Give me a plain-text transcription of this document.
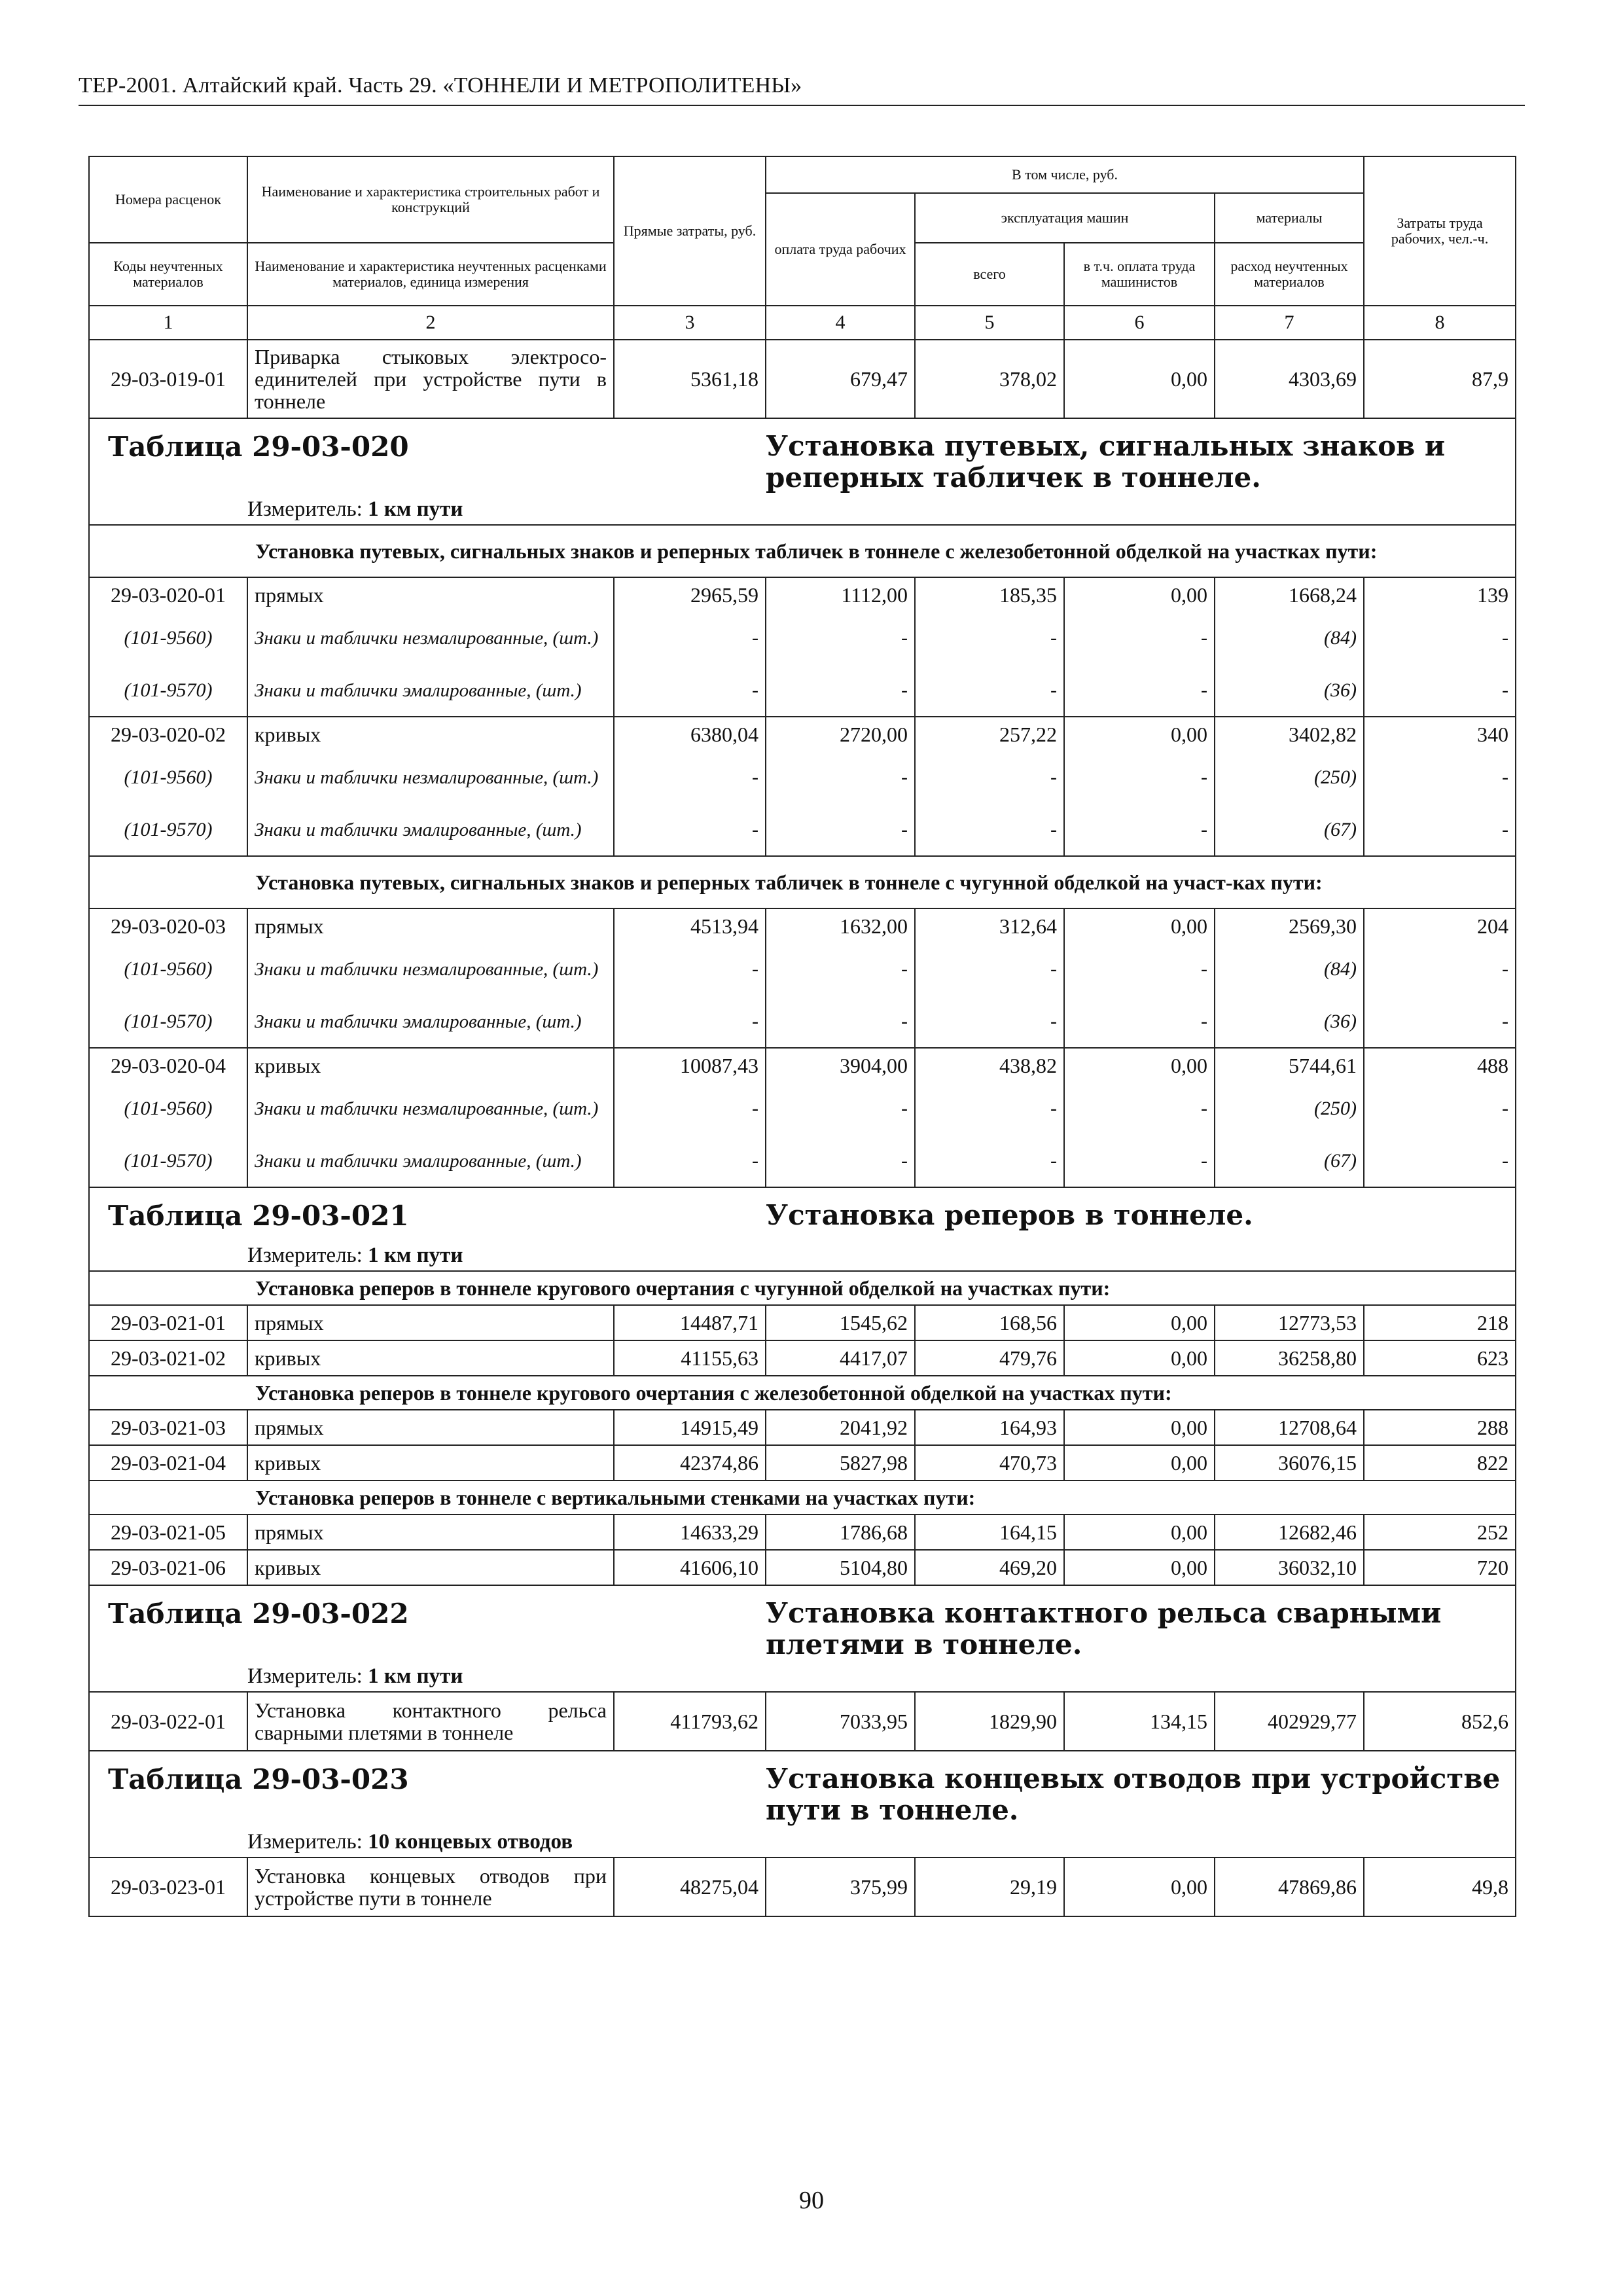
ТЕР-2001. Алтайский край. Часть 29. «ТОННЕЛИ И МЕТРОПОЛИТЕНЫ»
Номера расценок	Наименование и характеристика строительных работ и конструкций	Прямые затраты, руб.	В том числе, руб.				Затраты труда рабочих, чел.-ч.
			оплата труда рабочих	эксплуатация машин		материалы	
Коды неучтенных материалов	Наименование и характеристика неучтенных расценками материалов, единица измерения			всего	в т.ч. оплата труда машинистов	расход неучтенных материалов	
1	2	3	4	5	6	7	8
29-03-019-01	Приварка стыковых электросо-единителей при устройстве пути в тоннеле	5361,18	679,47	378,02	0,00	4303,69	87,9
Таблица 29-03-020			Установка путевых, сигнальных знаков и реперных табличек в тоннеле.				

	Измеритель: 1 км пути						
	Установка путевых, сигнальных знаков и реперных табличек в тоннеле с железобетонной обделкой на участках пути:						
29-03-020-01	прямых	2965,59	1112,00	185,35	0,00	1668,24	139
(101-9560)	Знаки и таблички незмалированные, (шт.)	-	-	-	-	(84)	-
(101-9570)	Знаки и таблички эмалированные, (шт.)	-	-	-	-	(36)	-
29-03-020-02	кривых	6380,04	2720,00	257,22	0,00	3402,82	340
(101-9560)	Знаки и таблички незмалированные, (шт.)	-	-	-	-	(250)	-
(101-9570)	Знаки и таблички эмалированные, (шт.)	-	-	-	-	(67)	-
	Установка путевых, сигнальных знаков и реперных табличек в тоннеле с чугунной обделкой на участ-ках пути:						
29-03-020-03	прямых	4513,94	1632,00	312,64	0,00	2569,30	204
(101-9560)	Знаки и таблички незмалированные, (шт.)	-	-	-	-	(84)	-
(101-9570)	Знаки и таблички эмалированные, (шт.)	-	-	-	-	(36)	-
29-03-020-04	кривых	10087,43	3904,00	438,82	0,00	5744,61	488
(101-9560)	Знаки и таблички незмалированные, (шт.)	-	-	-	-	(250)	-
(101-9570)	Знаки и таблички эмалированные, (шт.)	-	-	-	-	(67)	-
Таблица 29-03-021			Установка реперов в тоннеле.				

	Измеритель: 1 км пути						
	Установка реперов в тоннеле кругового очертания с чугунной обделкой на участках пути:						
29-03-021-01	прямых	14487,71	1545,62	168,56	0,00	12773,53	218
29-03-021-02	кривых	41155,63	4417,07	479,76	0,00	36258,80	623
	Установка реперов в тоннеле кругового очертания с железобетонной обделкой на участках пути:						
29-03-021-03	прямых	14915,49	2041,92	164,93	0,00	12708,64	288
29-03-021-04	кривых	42374,86	5827,98	470,73	0,00	36076,15	822
	Установка реперов в тоннеле с вертикальными стенками на участках пути:						
29-03-021-05	прямых	14633,29	1786,68	164,15	0,00	12682,46	252
29-03-021-06	кривых	41606,10	5104,80	469,20	0,00	36032,10	720
Таблица 29-03-022			Установка контактного рельса сварными плетями в тоннеле.				

	Измеритель: 1 км пути						
29-03-022-01	Установка контактного рельса сварными плетями в тоннеле	411793,62	7033,95	1829,90	134,15	402929,77	852,6
Таблица 29-03-023			Установка концевых отводов при устройстве пути в тоннеле.				

	Измеритель: 10 концевых отводов						
29-03-023-01	Установка концевых отводов при устройстве пути в тоннеле	48275,04	375,99	29,19	0,00	47869,86	49,8
90
